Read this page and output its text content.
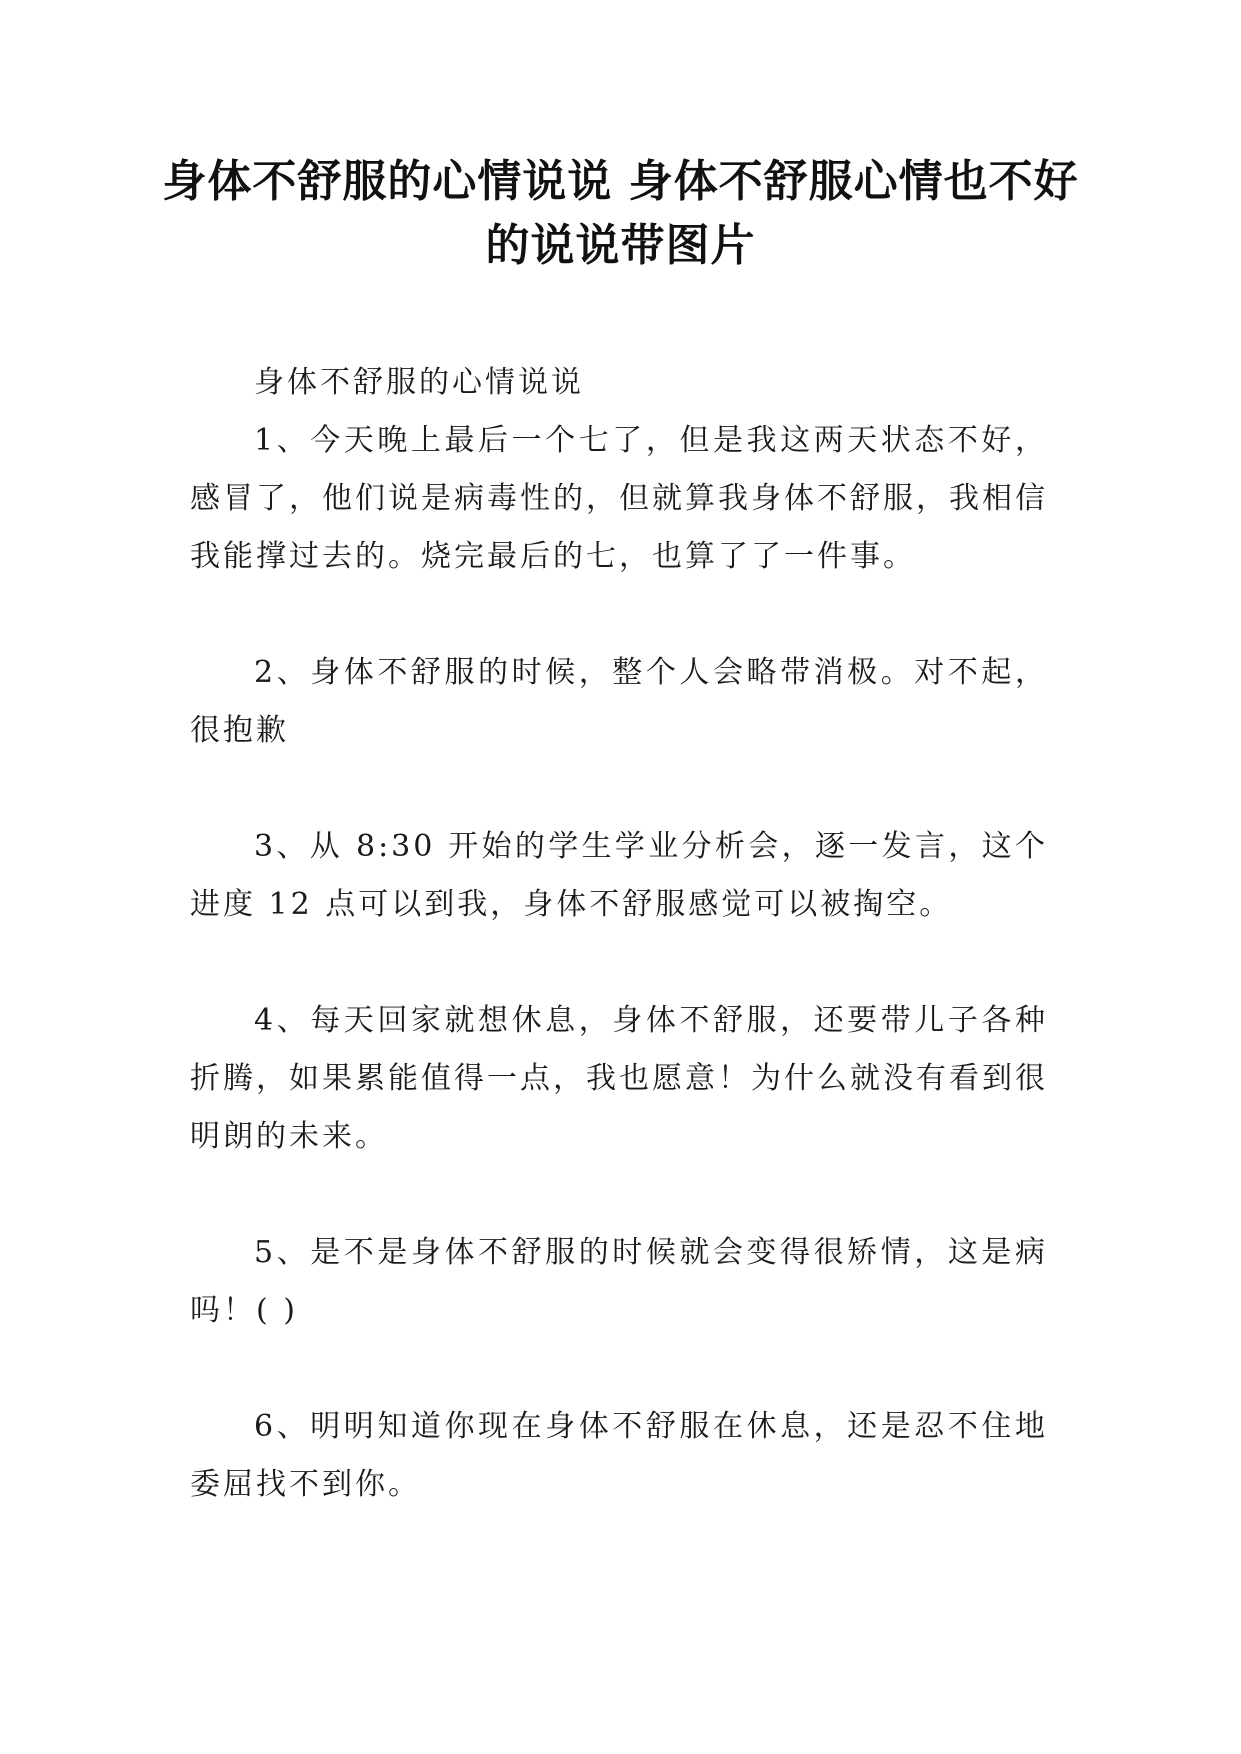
身体不舒服的心情说说 身体不舒服心情也不好的说说带图片

身体不舒服的心情说说

1、今天晚上最后一个七了，但是我这两天状态不好，感冒了，他们说是病毒性的，但就算我身体不舒服，我相信我能撑过去的。烧完最后的七，也算了了一件事。

2、身体不舒服的时候，整个人会略带消极。对不起，很抱歉

3、从 8:30 开始的学生学业分析会，逐一发言，这个进度 12 点可以到我，身体不舒服感觉可以被掏空。

4、每天回家就想休息，身体不舒服，还要带儿子各种折腾，如果累能值得一点，我也愿意！为什么就没有看到很明朗的未来。

5、是不是身体不舒服的时候就会变得很矫情，这是病吗！( )

6、明明知道你现在身体不舒服在休息，还是忍不住地委屈找不到你。
